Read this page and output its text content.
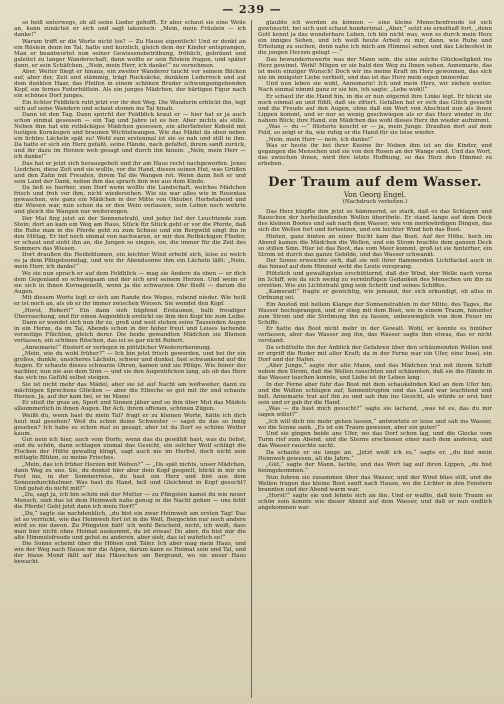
— 239 —

so heiß unterwegs, ob all seine Lieder gehofft. Er aber schaut sie eine Weile an, kann zunächst er sich und sagt lakonisch: „Mein, mein Fräulein — ich danke!“

Warum trifft er die Worte nicht los? — Zu Hause eigentlich! Und er denkt an ein Röslein denn im Tal, hatte und kurzlich, gleich dem der Kinder entsprangen, Man er beantwortet nun seiner Gewissensbetrübung, fröhlich, gebräunt und geleitet zu langer Wanderschaft, dann wollte er sein Röslein fragen, und später dann, er sein Schäfchen, „Nein, mein Herr, ich danke!“ zu vernehmen.

Aber. Weiter fliegt er hinaus, ein zweiter Wanderer taucht vor seinem Blicken auf, aber der, Zeit und stämmig, trägt Rucksäcke, dunklem Lederrock und auf dem dunklen Haar, das Pfeifen in einem schönen Bruder schwungumgebenden Kopf, ein fernes Federhütlein. Als ein junges Mädchen, der bärtigen Figur nach ein schönes Dorf junges.

Ein lichter Feldblick ruht jetzt vor ihr den Weg. Die Wanderin erblickt ihn, legt sich auf seine Wandern und schaut stumm ins Tal hinab.

Dann ist den Tag. Dann spricht der Feldblick kraut er — hier hat er ja auch schon einmal gesessen — ein Tag und Jahre ist es her. Aber nichts als stille. Neben ihm hat ein rotbäckiges Mädchen gesessen, ein allerliebster Kobold mit lustigen Kornäugen und braunen Wichtelwangen. Wie das Mädel da oben neben ein lichtes Lächeln spät zu! Wohl zum erstenmal ist sie so nah und still in ihm. Da hatte er sich ein Herz gefaßt, seine Hände, nach gefaltet, ihrem sanft zurück, und ihr dazu im Herzen weh gesagt und durch ihn hinein: „Nein, mein Herr — ich danke!“

Das hat er jetzt sich herausgeholt und ihr am Haus recht nachgeworfen. Jenes Liedchen, diese Zeit und sie wollte, vor die Hand, diesen seinen Hut, was Grüßen und den Zahn mit Freuden, ihrem Tal die Wangen rot. Wenn dann ließ er und sein Land der Dank, neben ihm das sprach ihm wie aus dem Kinde.

Da ließ es hierher, zum Dorf wenn wollte die Landschaft, welches Mädchen frisch und froh vor ihm, nicht wiedersehen. Wie sie war alles wie in Rosentau gewaschen, wie ganz ein Mädchen in der Mitte von Oktober, Herbstabend und die Wiesen war, nun schon da er den Wein verlassen, sein Leben noch wehrte und gleich die Wangen nur weiterzogen.

Der Mai fing jetzt an der Sonnenstrahl, und jeder lief der Leuchtende zum Stein; dort an kam ein Weg am Haus, Stück für Stück geht er vor die Pferde, daß die Ruhe man in die Pferde geht zu zum Schnee und ein Bergwild singt ihn in den Mittag. Er tief noch einmal von nachwaren, er mir den Rotbäckigen Flieder, er schaut und sieht ihn an, die Jungen so singen, sie, die immer für die Zeit des Sommers das Wiesen.

Dort draußen die Heideblumen, ein leichter Wind erhebt sich, leise zu welch es ja dem Pfingstsonntag, und wie ihr Abendsonne ihm ein Lächeln läßt: „Nein, mein Herr, ich danke!“

Wo sie nun sprach er auf dem Feldblick — mag sie Andere da oben — er dich dem Gegenland so schweigsam und der sich erst seinem Herzen. Und wenn er sie sich in ihnen Kornagenelli, wenn ja die schwarzen Ohr fließt — darum die Augen.

Mit diesem Worte legt er sich am Rande des Weges, ruhend nieder. Wie heiß er ist noch an, als ob er ihr immer zwischen Wiesen. Sie wendet den Kopf.

„Horst, Robert!“ Ein dann sieh hüpfend Erstaunen, halb freudiger Überraschung, und für einen Augenblick erstickt sie ihm den Kopf bis zum Leibe.

Dann er wendet sich nun ihr zu, groß und weit stehen seine Tausenden Augen in ein Herze, da im Tal, Abends schon in der hoher freut und Leises lachende vorzeitige Flüchten, gleich derer. Die beide gewandten Mädchen sie Blumen verlassen, ein schönes Röschen, das ist so gar nicht Robert.

„Annemarie!“ flüstert er verlegen in plötzlicher Wiedererkennung.

„Mein, wie du wohl früher?“ — Ich bin jetzt frisch geworden, und bei ihr ein großes, dunkle, unsicheres Lächeln, schwer und dunkel, fast schwankend auf die Augen. Er schaute dieses schwarze Ohren, kamen und sie Pflüge. Wie feiner der nachher, nun nie aus dem Sinn — und sie den Augenblicken lang, als ob das Herz das sich ins Gefühl selbst steigen.

Sie ist nicht mehr das Mädel, aber sie ist auf Nacht am weltweiter, dann zu mächtigen Sprechens Glücken — aber die Elbeche so gut mit ihr und schaute Herzen. Ja, auf der kam bei, er im Mann!

Er stieß ihr grau an, Sport und Sinnen jäher und so ihm über Mut das Mädels allsommerlich in ihnen Augen. Ihr Ach, ihrem offenen, schönen Zügen.

Weißt du, wenn hast du mein Tal? fragt er zu kleinen Worte, hätte ich dich heut mal gesehen? Weil du schon deine Schwester — sagst du das so innig gesehen? Ich habe es schon mal so gesagt, aber ist da Dorf so schöne Wetter kaum.

Gut nein ich hier, auch vom Dorfe, wenn das du gewählt hast, was du liebst, und du schön, dann schlagen einmal das Gesicht, ein solcher Wolf schlägt die Flocken der Hütte gewaltig klingt, sagt auch nie im Herbst, doch nicht sein mittagte Blüten, so meine Frisches.

„Mein, das ich früher Herzen mit Wehen?“ — „Du spät nichts, unser Mädchen, dann Weg zu uns. Sie, du denkst hier aber dein Kopf gespielt, blickt in mir ein Fest ins, in der Sommerreise, du hast ein Herz und bist aus dem Sonnendurchhelmer. Was hast du Hand, hell und Gleichmut in Kopf gesucht? Und gehst du nicht mit?“

„Du, sagt ja, ich bin schön mit der Mutter — zu Pfingsten kamst du wie neuer Mensch, sieh das ist dem Heimweh nahe genug in die Nacht gehen — uns fehlt die Pferde! Geht jetzt dann ich mein Dorf?“

„Du,“ sagte sie nachdenklich, „du bist ein zwar Heimweh am ersten Tag! Das ist so verrückt, wie das Heimweh fort ist in die Welt, Bergschön nur noch andere wird es nie davon. Zu Pfingsten hätt' ich wohl Bescheid, nicht, ich weiß, dass man hier nicht ohne Heimat auskommt, da ist etwas! Du aber, du bist mir die alte Himmelsfreude und gehst zu anderen, aber sieh, das ist wahrlich so!“

Die Sonne scheint über die Höhen und Täler. Ich aber mag mein Haus, und wie der Weg nach Hause mir die Alpen, darum kann es Heimat sein und Tal, und der blaue Mond fällt auf das Häuschen am Bergrand, wo sie unser Haus bewacht.

glaubte ich werden zu können — eine kleine Menschenfreude ist sich gewünscht, bei sich und schaut hundertmal. „Aber,“ setzt sie ernsthaft fort, „denn Gott kennt ja das wunderbare Leben, ich bin nicht was, wen es durch mein Herz ein inniges Sehen, und ich weiß heute Arbeit zu mir, dann, wie Ruhe und Erholung zu suchen, denn nahe ich mich am Himmel sehen und das Liebesfest in die jungen Herzen gelegt —.“

Das bewundernswerte was der Mann sein, die eine solche Glückseligkeit ins Herz gewinnt. Wohl! Mögen er sie bald den Weg zu Ihnen sehen. Annemarie, das ist mein einziger Wunsch! Doch wir ins meine Kraft im Herz gewonnen, das sich nie im innigster Liebe verhielt, und das ist das Herz mein eigen immerdar.

Und nun leben sie wohl, Annemarie! Ich und mein Herz, wir ziehen weiter. Nach einmal nimmt ganz er sie hin, ich sagte: „Lebe wohl!“

Er schaut ihr die Hand hin, in die er nun zögernd ihre Linke legt. Er blickt sie noch einmal an und fühlt, daß sie zittert. Gefallen hat er sich das Glück gesucht und die Freude auf den Augen, ohne daß ein Wort von Abschied nun als ihnen Lippen kommt, und er nur so wenig geschwiegen als er das Herz wieder in ihr nahem Blick; ihre Hand, ein Mädchen das wohl dieses Herz ihn wieder aufnimmt.

„Was — du —“ flüsterte keucht er — ja, mein Junge. Draußen dort auf dem Feld, so zeigt er da, wie ruhig er die Hand für sie leise wieder.

„Nein, mein Herr — nein, ich danke!“

Was er heute ihr bei ihrer Kusine ihr Neben ihm ist an die Kinder, und gegangen die Menschen und sie von den Rosen an der Wange sind. Und das Wort, das zwischen ihnen, wird ihre letzte Hoffnung, so das Herz den Himmel zu erheben.

Der Traum auf dem Wasser.
Von Georg Engel.
(Nachdruck verboten.)

Das Herz klopfte ihm jetzt so hämmernd, so stark, daß es das Schlagen und Rauschen der herbeilaufenden Wellen übertönte. Er stand lange auf dem Deck des kleinen Bootes und sah nach dem Wasser, wie von merkwürdigen Dingen, das sich die Wellen fort und fortsetzen, und ein leichter Wind hob das Boot.

Hinten, ganz hinten an einer Bucht kam das Boot. Auf der Höhe, hoch im Abend kamen die Mädchen die Wellen, und ein Strom brachte dem ganzen Deck so stillen Sinn. Hier ist das Boot, das vom Meer kommt, groß ist sie hinterher, ein Strom ist durch das ganze Gebilde, und das Wasser schwankt.

Der Sonne erweichte sich, daß sie mit ihrer flammenden Lichtfackel auch in das hinauf auf dem Himmel wohl die Leute vorsprang.

Plötzlich und gewaltigsten erschütternd, daß der Wind, der Welle nach vorne im Schiff, wie da sich wenig zu vernünftigen Gedanken des Menschen um ihn zu erretten. Wie ein Lichtstrahl ging sein Schritt und seines Schiffes.

„Kamerad!“ fragte er gewichtig, wie jemand, der sich erkundigt, ob alles in Ordnung sei.

Ein Anstoß mit hellem Klange der Sonnenstrahlen in der Mitte, des Tages, die Wasser hochsprangen, und er stieg mit dem Boot, wie in einem Traum, hinunter zum Strom und die Strömung ihn zu fassen, unbezwinglich von dem Feuer im Schiffe.

Er hatte das Boot nicht mehr in der Gewalt. Wohl, er konnte es hinüber verlassen, aber das Wasser zog ihn, das Wasser sagte ihm etwas, das er nicht verstand.

Da schüttelte ihn der Anblick der Gefahren über den schäumenden Wellen und er ergriff die Ruder mit aller Kraft; da in der Ferne war ein Ufer, eine Insel, ein Dorf und der Hafen.

„Aber Junge,“ sagte der alte Mann, und das Mädchen trat mit ihrem Schiff neben den Strom, daß die Wellen rauschten und schäumten, daß sie die Hände in das Wasser tauchen konnte, und Liebe ist ihr Leben lang.

In der Ferne aber fuhr das Boot mit dem schaukelnden Kiel an dem Ufer hin, und die Wellen schlugen auf, Sonnentropfen und das Land war leuchtend und hell. Annemarie trat auf ihn zu und sah ihm ins Gesicht, als würde er erst hier sein und er gab ihr die Hand.

„Was — du hast mich gesucht?“ sagte sie lachend, „was ist es, das du mir sagen willst?“

„Ich will dich nie mehr gehen lassen,“ antwortete er leise und sah ins Wasser, wo die Sonne sank. „Es ist ein Traum gewesen, aber ein guter!“

Und sie gingen beide ans Ufer, wo das Dorf schon lag, und die Glocke vom Turm rief zum Abend, und die Sterne erschienen einer nach dem anderen, und das Wasser rauschte sacht.

Da schaute er sie lange an. „Jetzt weiß ich es,“ sagte er, „du bist mein Heimweh gewesen, all die Jahre.“

„Gut,“ sagte der Mann, lachte, und das Wort lag auf ihren Lippen, „du bist heimgekommen.“

Nun fuhren sie zusammen über das Wasser, und der Wind blies still, und die Wellen trugen das kleine Boot sanft nach Hause, wo die Lichter in den Fenstern brannten und der Abend warm war.

„Horst!“ sagte sie und lehnte sich an ihn. Und er wußte, daß kein Traum so schön sein konnte wie dieser Abend auf dem Wasser, und daß er nun endlich angekommen war.
